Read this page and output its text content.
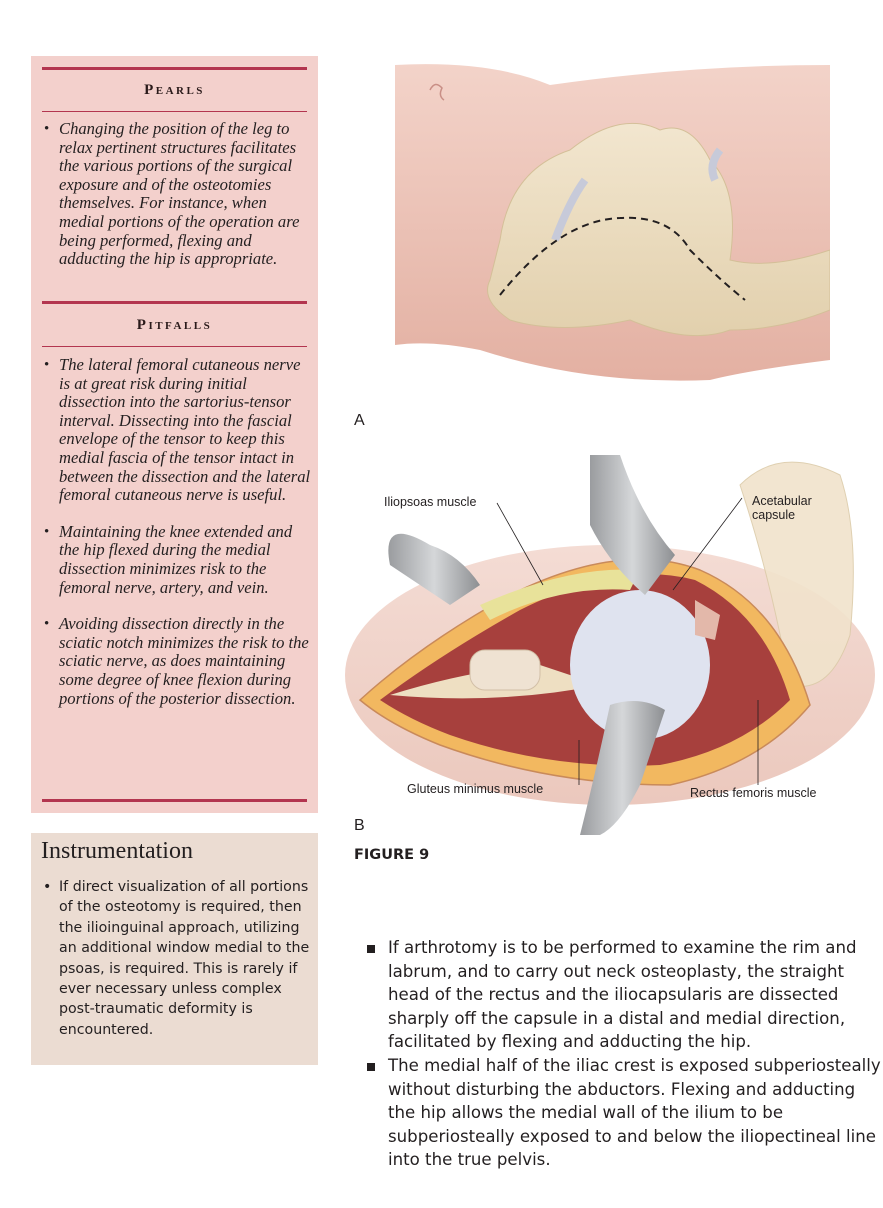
Pearls
• Changing the position of the leg to relax pertinent structures facilitates the various portions of the surgical exposure and of the osteotomies themselves. For instance, when medial portions of the operation are being performed, flexing and adducting the hip is appropriate.
Pitfalls
• The lateral femoral cutaneous nerve is at great risk during initial dissection into the sartorius-tensor interval. Dissecting into the fascial envelope of the tensor to keep this medial fascia of the tensor intact in between the dissection and the lateral femoral cutaneous nerve is useful.
• Maintaining the knee extended and the hip flexed during the medial dissection minimizes risk to the femoral nerve, artery, and vein.
• Avoiding dissection directly in the sciatic notch minimizes the risk to the sciatic nerve, as does maintaining some degree of knee flexion during portions of the posterior dissection.
Instrumentation
• If direct visualization of all portions of the osteotomy is required, then the ilioinguinal approach, utilizing an additional window medial to the psoas, is required. This is rarely if ever necessary unless complex post-traumatic deformity is encountered.
A
Iliopsoas muscle	Acetabular
capsule
Gluteus minimus muscle	Rectus femoris muscle
B
FIGURE 9
If arthrotomy is to be performed to examine the rim and labrum, and to carry out neck osteoplasty, the straight head of the rectus and the iliocapsularis are dissected sharply off the capsule in a distal and medial direction, facilitated by flexing and adducting the hip.
The medial half of the iliac crest is exposed subperiosteally without disturbing the abductors. Flexing and adducting the hip allows the medial wall of the ilium to be subperiosteally exposed to and below the iliopectineal line into the true pelvis.
